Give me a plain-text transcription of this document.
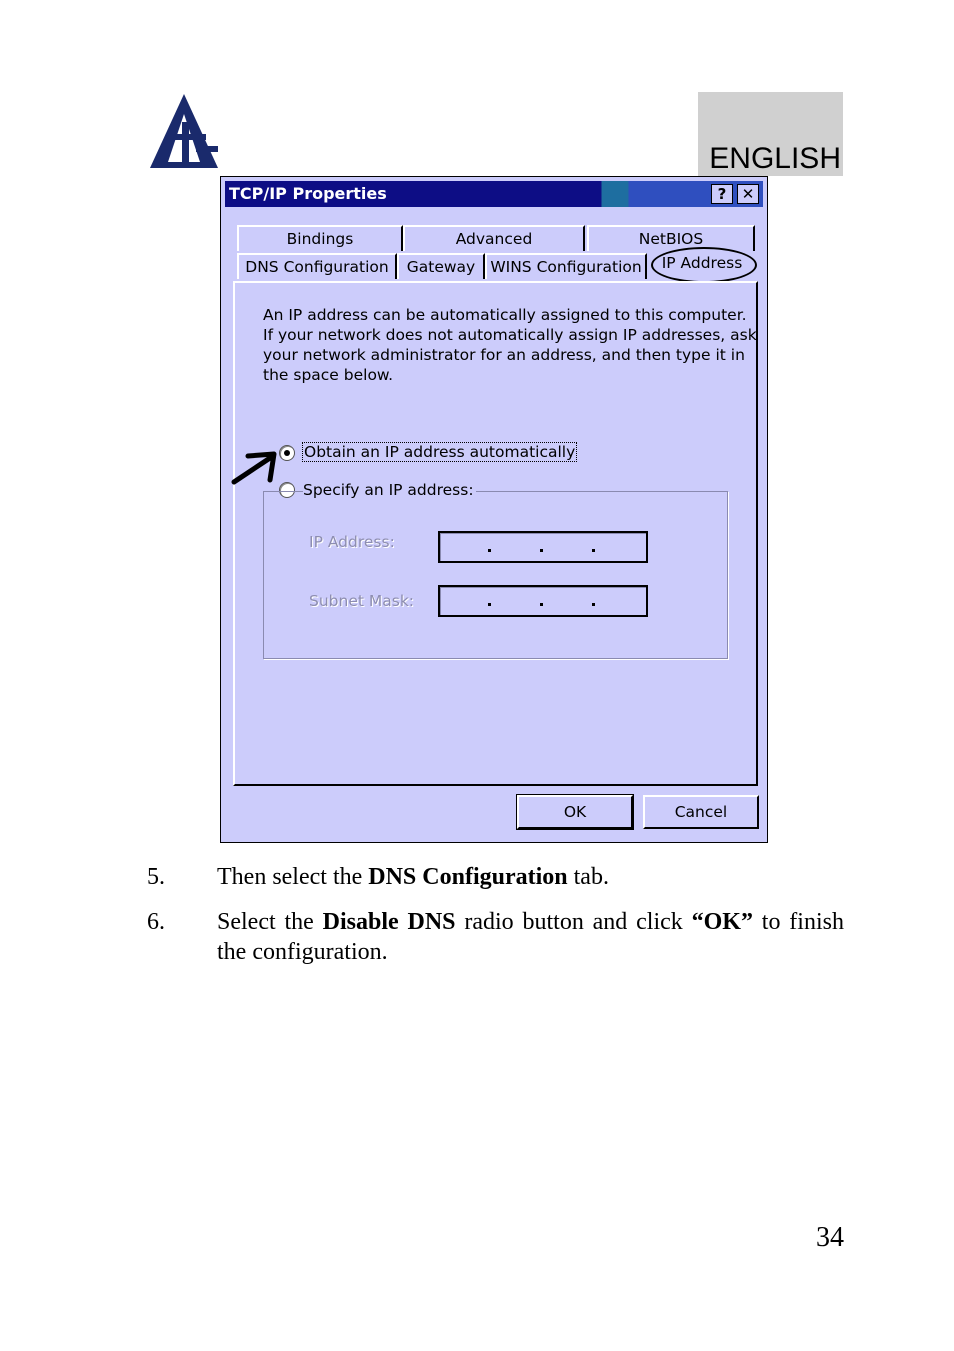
ENGLISH
TCP/IP Properties	?	✕
Bindings	Advanced	NetBIOS
DNS Configuration	Gateway WINS Configuration	IP Address
An IP address can be automatically assigned to this computer.
If your network does not automatically assign IP addresses, ask
your network administrator for an address, and then type it in
the space below.
Obtain an IP address automatically
Specify an IP address:
IP Address:
Subnet Mask:
OK	Cancel
5. Then select the DNS Configuration tab.
6. Select the Disable DNS radio button and click “OK” to finish the configuration.
34
